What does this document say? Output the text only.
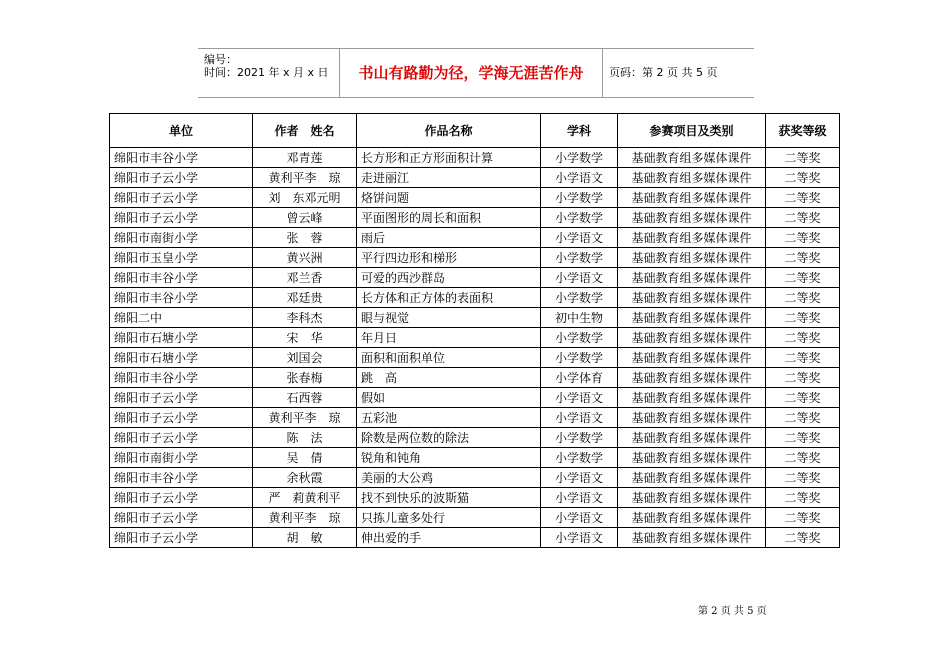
编号：
时间：2021 年 x 月 x 日	书山有路勤为径，学海无涯苦作舟	页码：第 2 页 共 5 页
单位	作者　姓名	作品名称	学科	参赛项目及类别	获奖等级
绵阳市丰谷小学	邓青莲	长方形和正方形面积计算	小学数学	基础教育组多媒体课件	二等奖
绵阳市子云小学	黄利平李　琼	走进丽江	小学语文	基础教育组多媒体课件	二等奖
绵阳市子云小学	刘　东邓元明	烙饼问题	小学数学	基础教育组多媒体课件	二等奖
绵阳市子云小学	曾云峰	平面图形的周长和面积	小学数学	基础教育组多媒体课件	二等奖
绵阳市南街小学	张　蓉	雨后	小学语文	基础教育组多媒体课件	二等奖
绵阳市玉皇小学	黄兴洲	平行四边形和梯形	小学数学	基础教育组多媒体课件	二等奖
绵阳市丰谷小学	邓兰香	可爱的西沙群岛	小学语文	基础教育组多媒体课件	二等奖
绵阳市丰谷小学	邓廷贵	长方体和正方体的表面积	小学数学	基础教育组多媒体课件	二等奖
绵阳二中	李科杰	眼与视觉	初中生物	基础教育组多媒体课件	二等奖
绵阳市石塘小学	宋　华	年月日	小学数学	基础教育组多媒体课件	二等奖
绵阳市石塘小学	刘国会	面积和面积单位	小学数学	基础教育组多媒体课件	二等奖
绵阳市丰谷小学	张春梅	跳　高	小学体育	基础教育组多媒体课件	二等奖
绵阳市子云小学	石西蓉	假如	小学语文	基础教育组多媒体课件	二等奖
绵阳市子云小学	黄利平李　琼	五彩池	小学语文	基础教育组多媒体课件	二等奖
绵阳市子云小学	陈　法	除数是两位数的除法	小学数学	基础教育组多媒体课件	二等奖
绵阳市南街小学	吴　倩	锐角和钝角	小学数学	基础教育组多媒体课件	二等奖
绵阳市丰谷小学	余秋霞	美丽的大公鸡	小学语文	基础教育组多媒体课件	二等奖
绵阳市子云小学	严　莉黄利平	找不到快乐的波斯猫	小学语文	基础教育组多媒体课件	二等奖
绵阳市子云小学	黄利平李　琼	只拣儿童多处行	小学语文	基础教育组多媒体课件	二等奖
绵阳市子云小学	胡　敏	伸出爱的手	小学语文	基础教育组多媒体课件	二等奖
第 2 页 共 5 页
